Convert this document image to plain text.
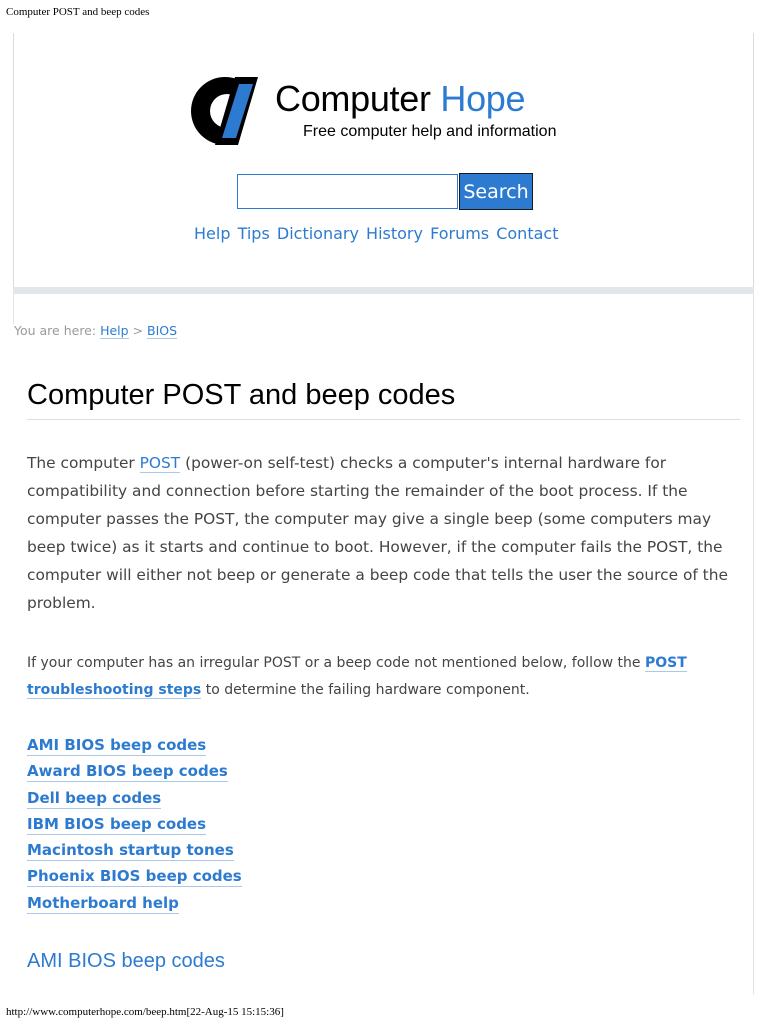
Computer POST and beep codes
Computer Hope
Free computer help and information
Search
Help Tips Dictionary History Forums Contact
You are here: Help > BIOS
Computer POST and beep codes

The computer POST (power-on self-test) checks a computer's internal hardware for compatibility and connection before starting the remainder of the boot process. If the computer passes the POST, the computer may give a single beep (some computers may beep twice) as it starts and continue to boot. However, if the computer fails the POST, the computer will either not beep or generate a beep code that tells the user the source of the problem.

If your computer has an irregular POST or a beep code not mentioned below, follow the POST troubleshooting steps to determine the failing hardware component.

AMI BIOS beep codes
Award BIOS beep codes
Dell beep codes
IBM BIOS beep codes
Macintosh startup tones
Phoenix BIOS beep codes
Motherboard help
AMI BIOS beep codes
http://www.computerhope.com/beep.htm[22-Aug-15 15:15:36]
